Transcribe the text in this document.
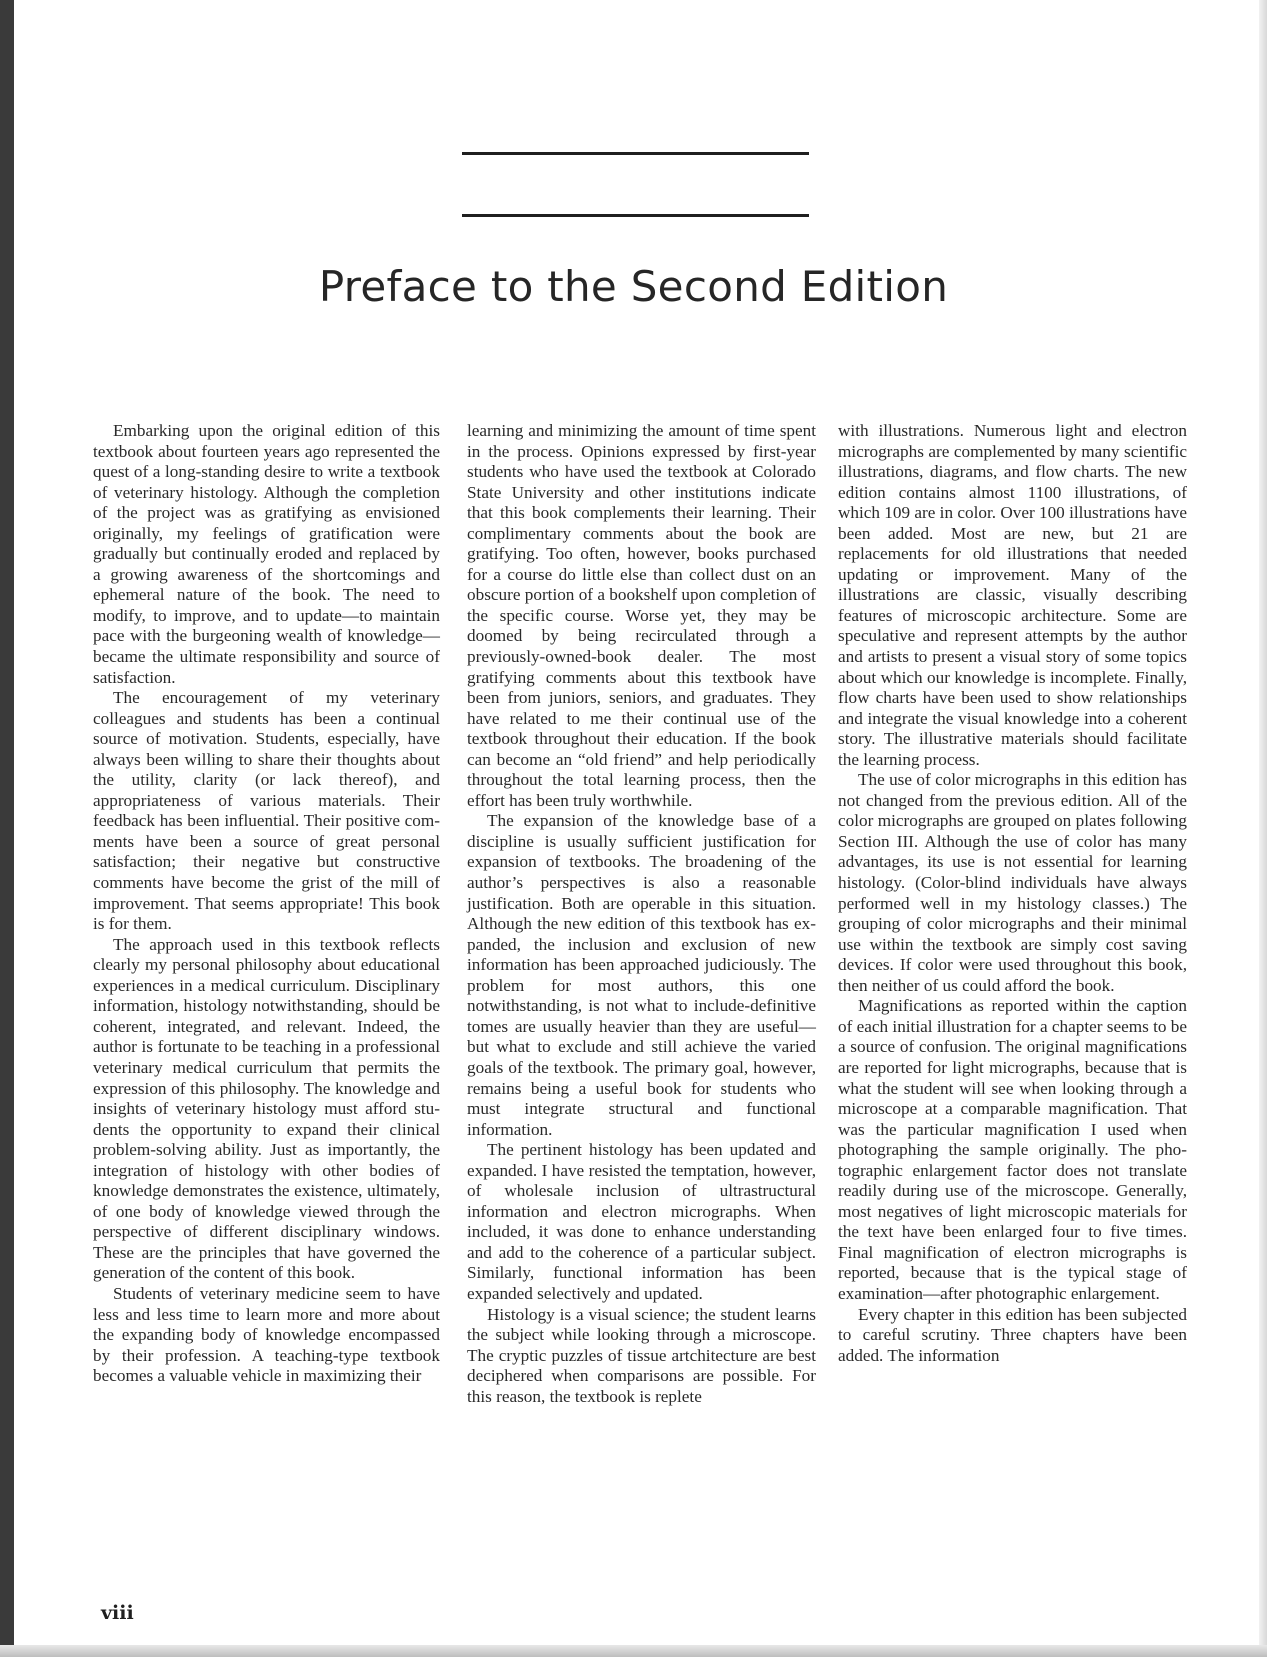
Preface to the Second Edition

Embarking upon the original edition of this textbook about fourteen years ago represented the quest of a long-standing desire to write a textbook of veterinary histology. Although the completion of the project was as gratifying as envisioned originally, my feelings of gratification were gradually but continually eroded and replaced by a growing awareness of the shortcomings and ephemeral nature of the book. The need to modify, to improve, and to update—to maintain pace with the burgeoning wealth of knowledge—became the ultimate responsibility and source of satisfaction.

The encouragement of my veterinary colleagues and students has been a continual source of motivation. Students, especially, have always been willing to share their thoughts about the utility, clarity (or lack thereof), and appropriateness of various materials. Their feedback has been influential. Their positive comments have been a source of great personal satisfaction; their negative but constructive comments have become the grist of the mill of improvement. That seems appropriate! This book is for them.

The approach used in this textbook reflects clearly my personal philosophy about educational experiences in a medical curriculum. Disciplinary information, histology notwithstanding, should be coherent, integrated, and relevant. Indeed, the author is fortunate to be teaching in a professional veterinary medical curriculum that permits the expression of this philosophy. The knowledge and insights of veterinary histology must afford students the opportunity to expand their clinical problem-solving ability. Just as importantly, the integration of histology with other bodies of knowledge demonstrates the existence, ultimately, of one body of knowledge viewed through the perspective of different disciplinary windows. These are the principles that have governed the generation of the content of this book.

Students of veterinary medicine seem to have less and less time to learn more and more about the expanding body of knowledge encompassed by their profession. A teaching-type textbook becomes a valuable vehicle in maximizing their

learning and minimizing the amount of time spent in the process. Opinions expressed by first-year students who have used the textbook at Colorado State University and other institutions indicate that this book complements their learning. Their complimentary comments about the book are gratifying. Too often, however, books purchased for a course do little else than collect dust on an obscure portion of a bookshelf upon completion of the specific course. Worse yet, they may be doomed by being recirculated through a previously-owned-book dealer. The most gratifying comments about this textbook have been from juniors, seniors, and graduates. They have related to me their continual use of the textbook throughout their education. If the book can become an “old friend” and help periodically throughout the total learning process, then the effort has been truly worthwhile.

The expansion of the knowledge base of a discipline is usually sufficient justification for expansion of textbooks. The broadening of the author’s perspectives is also a reasonable justification. Both are operable in this situation. Although the new edition of this textbook has expanded, the inclusion and exclusion of new information has been approached judiciously. The problem for most authors, this one notwithstanding, is not what to include-definitive tomes are usually heavier than they are useful—but what to exclude and still achieve the varied goals of the textbook. The primary goal, however, remains being a useful book for students who must integrate structural and functional information.

The pertinent histology has been updated and expanded. I have resisted the temptation, however, of wholesale inclusion of ultrastructural information and electron micrographs. When included, it was done to enhance understanding and add to the coherence of a particular subject. Similarly, functional information has been expanded selectively and updated.

Histology is a visual science; the student learns the subject while looking through a microscope. The cryptic puzzles of tissue artchitecture are best deciphered when comparisons are possible. For this reason, the textbook is replete

with illustrations. Numerous light and electron micrographs are complemented by many scientific illustrations, diagrams, and flow charts. The new edition contains almost 1100 illustrations, of which 109 are in color. Over 100 illustrations have been added. Most are new, but 21 are replacements for old illustrations that needed updating or improvement. Many of the illustrations are classic, visually describing features of microscopic architecture. Some are speculative and represent attempts by the author and artists to present a visual story of some topics about which our knowledge is incomplete. Finally, flow charts have been used to show relationships and integrate the visual knowledge into a coherent story. The illustrative materials should facilitate the learning process.

The use of color micrographs in this edition has not changed from the previous edition. All of the color micrographs are grouped on plates following Section III. Although the use of color has many advantages, its use is not essential for learning histology. (Color-blind individuals have always performed well in my histology classes.) The grouping of color micrographs and their minimal use within the textbook are simply cost saving devices. If color were used throughout this book, then neither of us could afford the book.

Magnifications as reported within the caption of each initial illustration for a chapter seems to be a source of confusion. The original magnifications are reported for light micrographs, because that is what the student will see when looking through a microscope at a comparable magnification. That was the particular magnification I used when photographing the sample originally. The photographic enlargement factor does not translate readily during use of the microscope. Generally, most negatives of light microscopic materials for the text have been enlarged four to five times. Final magnification of electron micrographs is reported, because that is the typical stage of examination—after photographic enlargement.

Every chapter in this edition has been subjected to careful scrutiny. Three chapters have been added. The information

viii
